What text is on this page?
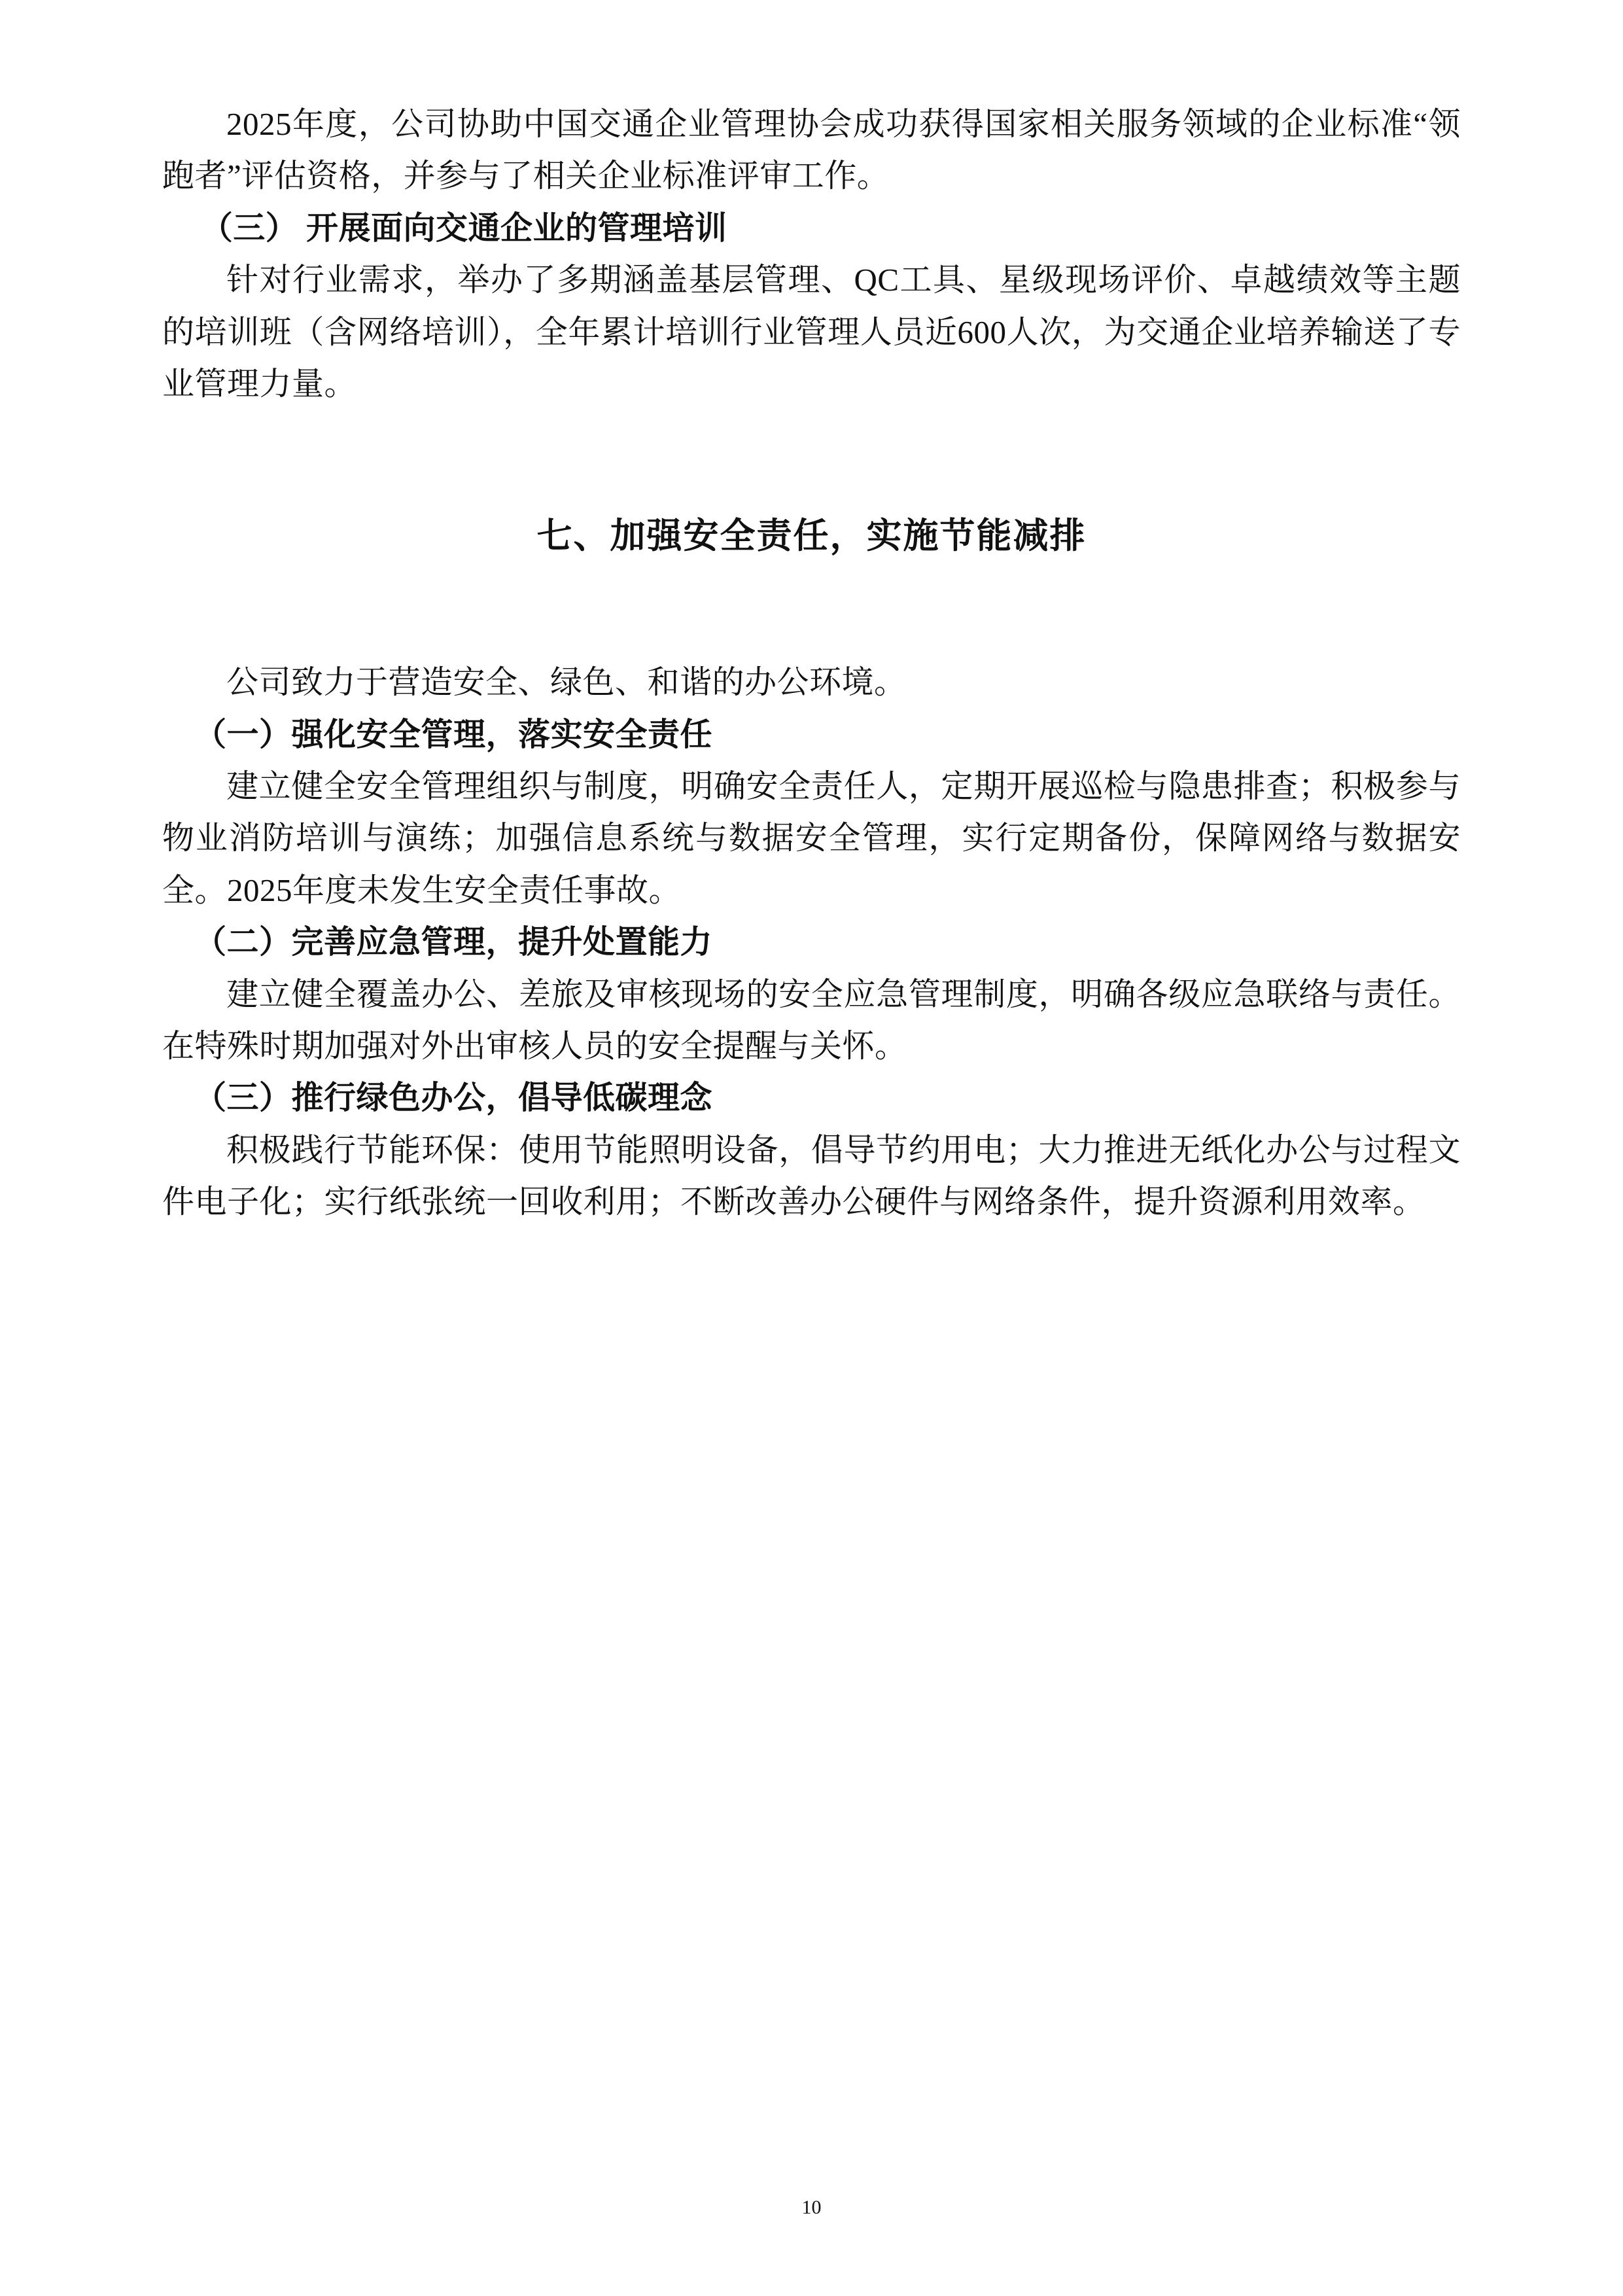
2025年度，公司协助中国交通企业管理协会成功获得国家相关服务领域的企业标准“领跑者”评估资格，并参与了相关企业标准评审工作。

（三） 开展面向交通企业的管理培训

针对行业需求，举办了多期涵盖基层管理、QC工具、星级现场评价、卓越绩效等主题的培训班（含网络培训），全年累计培训行业管理人员近600人次，为交通企业培养输送了专业管理力量。

七、加强安全责任，实施节能减排

公司致力于营造安全、绿色、和谐的办公环境。

（一）强化安全管理，落实安全责任

建立健全安全管理组织与制度，明确安全责任人，定期开展巡检与隐患排查；积极参与物业消防培训与演练；加强信息系统与数据安全管理，实行定期备份，保障网络与数据安全。2025年度未发生安全责任事故。

（二）完善应急管理，提升处置能力

建立健全覆盖办公、差旅及审核现场的安全应急管理制度，明确各级应急联络与责任。在特殊时期加强对外出审核人员的安全提醒与关怀。

（三）推行绿色办公，倡导低碳理念

积极践行节能环保：使用节能照明设备，倡导节约用电；大力推进无纸化办公与过程文件电子化；实行纸张统一回收利用；不断改善办公硬件与网络条件，提升资源利用效率。

10
